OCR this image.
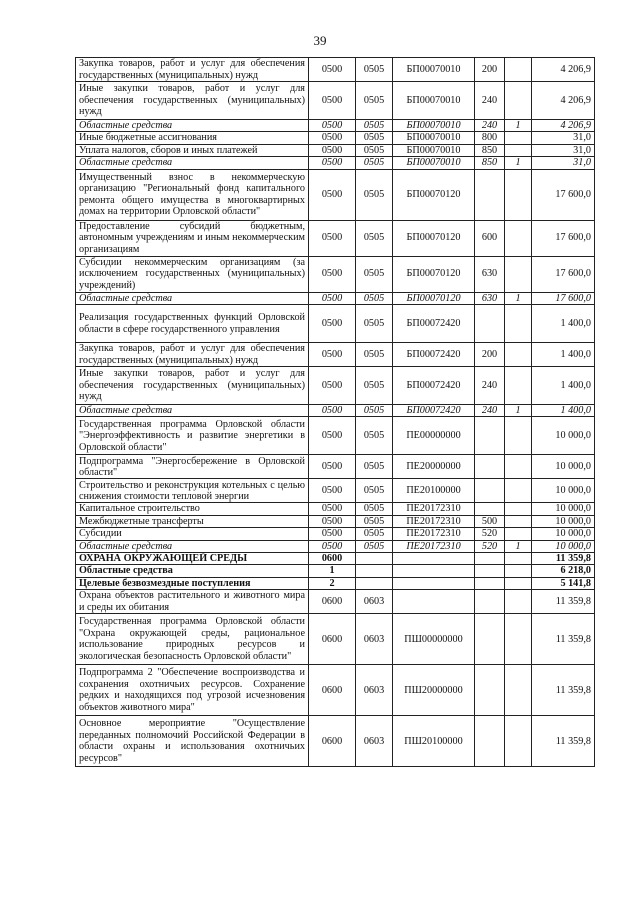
39
Закупка товаров, работ и услуг для обеспечения государственных (муниципальных) нужд	0500	0505	БП00070010	200		4 206,9
Иные закупки товаров, работ и услуг для обеспечения государственных (муниципальных) нужд	0500	0505	БП00070010	240		4 206,9
Областные средства	0500	0505	БП00070010	240	1	4 206,9
Иные бюджетные ассигнования	0500	0505	БП00070010	800		31,0
Уплата налогов, сборов и иных платежей	0500	0505	БП00070010	850		31,0
Областные средства	0500	0505	БП00070010	850	1	31,0
Имущественный взнос в некоммерческую организацию "Региональный фонд капитального ремонта общего имущества в многоквартирных домах на территории Орловской области"	0500	0505	БП00070120			17 600,0
Предоставление субсидий бюджетным, автономным учреждениям и иным некоммерческим организациям	0500	0505	БП00070120	600		17 600,0
Субсидии некоммерческим организациям (за исключением государственных (муниципальных) учреждений)	0500	0505	БП00070120	630		17 600,0
Областные средства	0500	0505	БП00070120	630	1	17 600,0
Реализация государственных функций Орловской области в сфере государственного управления	0500	0505	БП00072420			1 400,0
Закупка товаров, работ и услуг для обеспечения государственных (муниципальных) нужд	0500	0505	БП00072420	200		1 400,0
Иные закупки товаров, работ и услуг для обеспечения государственных (муниципальных) нужд	0500	0505	БП00072420	240		1 400,0
Областные средства	0500	0505	БП00072420	240	1	1 400,0
Государственная программа Орловской области "Энергоэффективность и развитие энергетики в Орловской области"	0500	0505	ПЕ00000000			10 000,0
Подпрограмма "Энергосбережение в Орловской области"	0500	0505	ПЕ20000000			10 000,0
Строительство и реконструкция котельных с целью снижения стоимости тепловой энергии	0500	0505	ПЕ20100000			10 000,0
Капитальное строительство	0500	0505	ПЕ20172310			10 000,0
Межбюджетные трансферты	0500	0505	ПЕ20172310	500		10 000,0
Субсидии	0500	0505	ПЕ20172310	520		10 000,0
Областные средства	0500	0505	ПЕ20172310	520	1	10 000,0
ОХРАНА ОКРУЖАЮЩЕЙ СРЕДЫ	0600					11 359,8
Областные средства	1					6 218,0
Целевые безвозмездные поступления	2					5 141,8
Охрана объектов растительного и животного мира и среды их обитания	0600	0603				11 359,8
Государственная программа Орловской области "Охрана окружающей среды, рациональное использование природных ресурсов и экологическая безопасность Орловской области"	0600	0603	ПШ00000000			11 359,8
Подпрограмма 2 "Обеспечение воспроизводства и сохранения охотничьих ресурсов. Сохранение редких и находящихся под угрозой исчезновения объектов животного мира"	0600	0603	ПШ20000000			11 359,8
Основное мероприятие "Осуществление переданных полномочий Российской Федерации в области охраны и использования охотничьих ресурсов"	0600	0603	ПШ20100000			11 359,8
